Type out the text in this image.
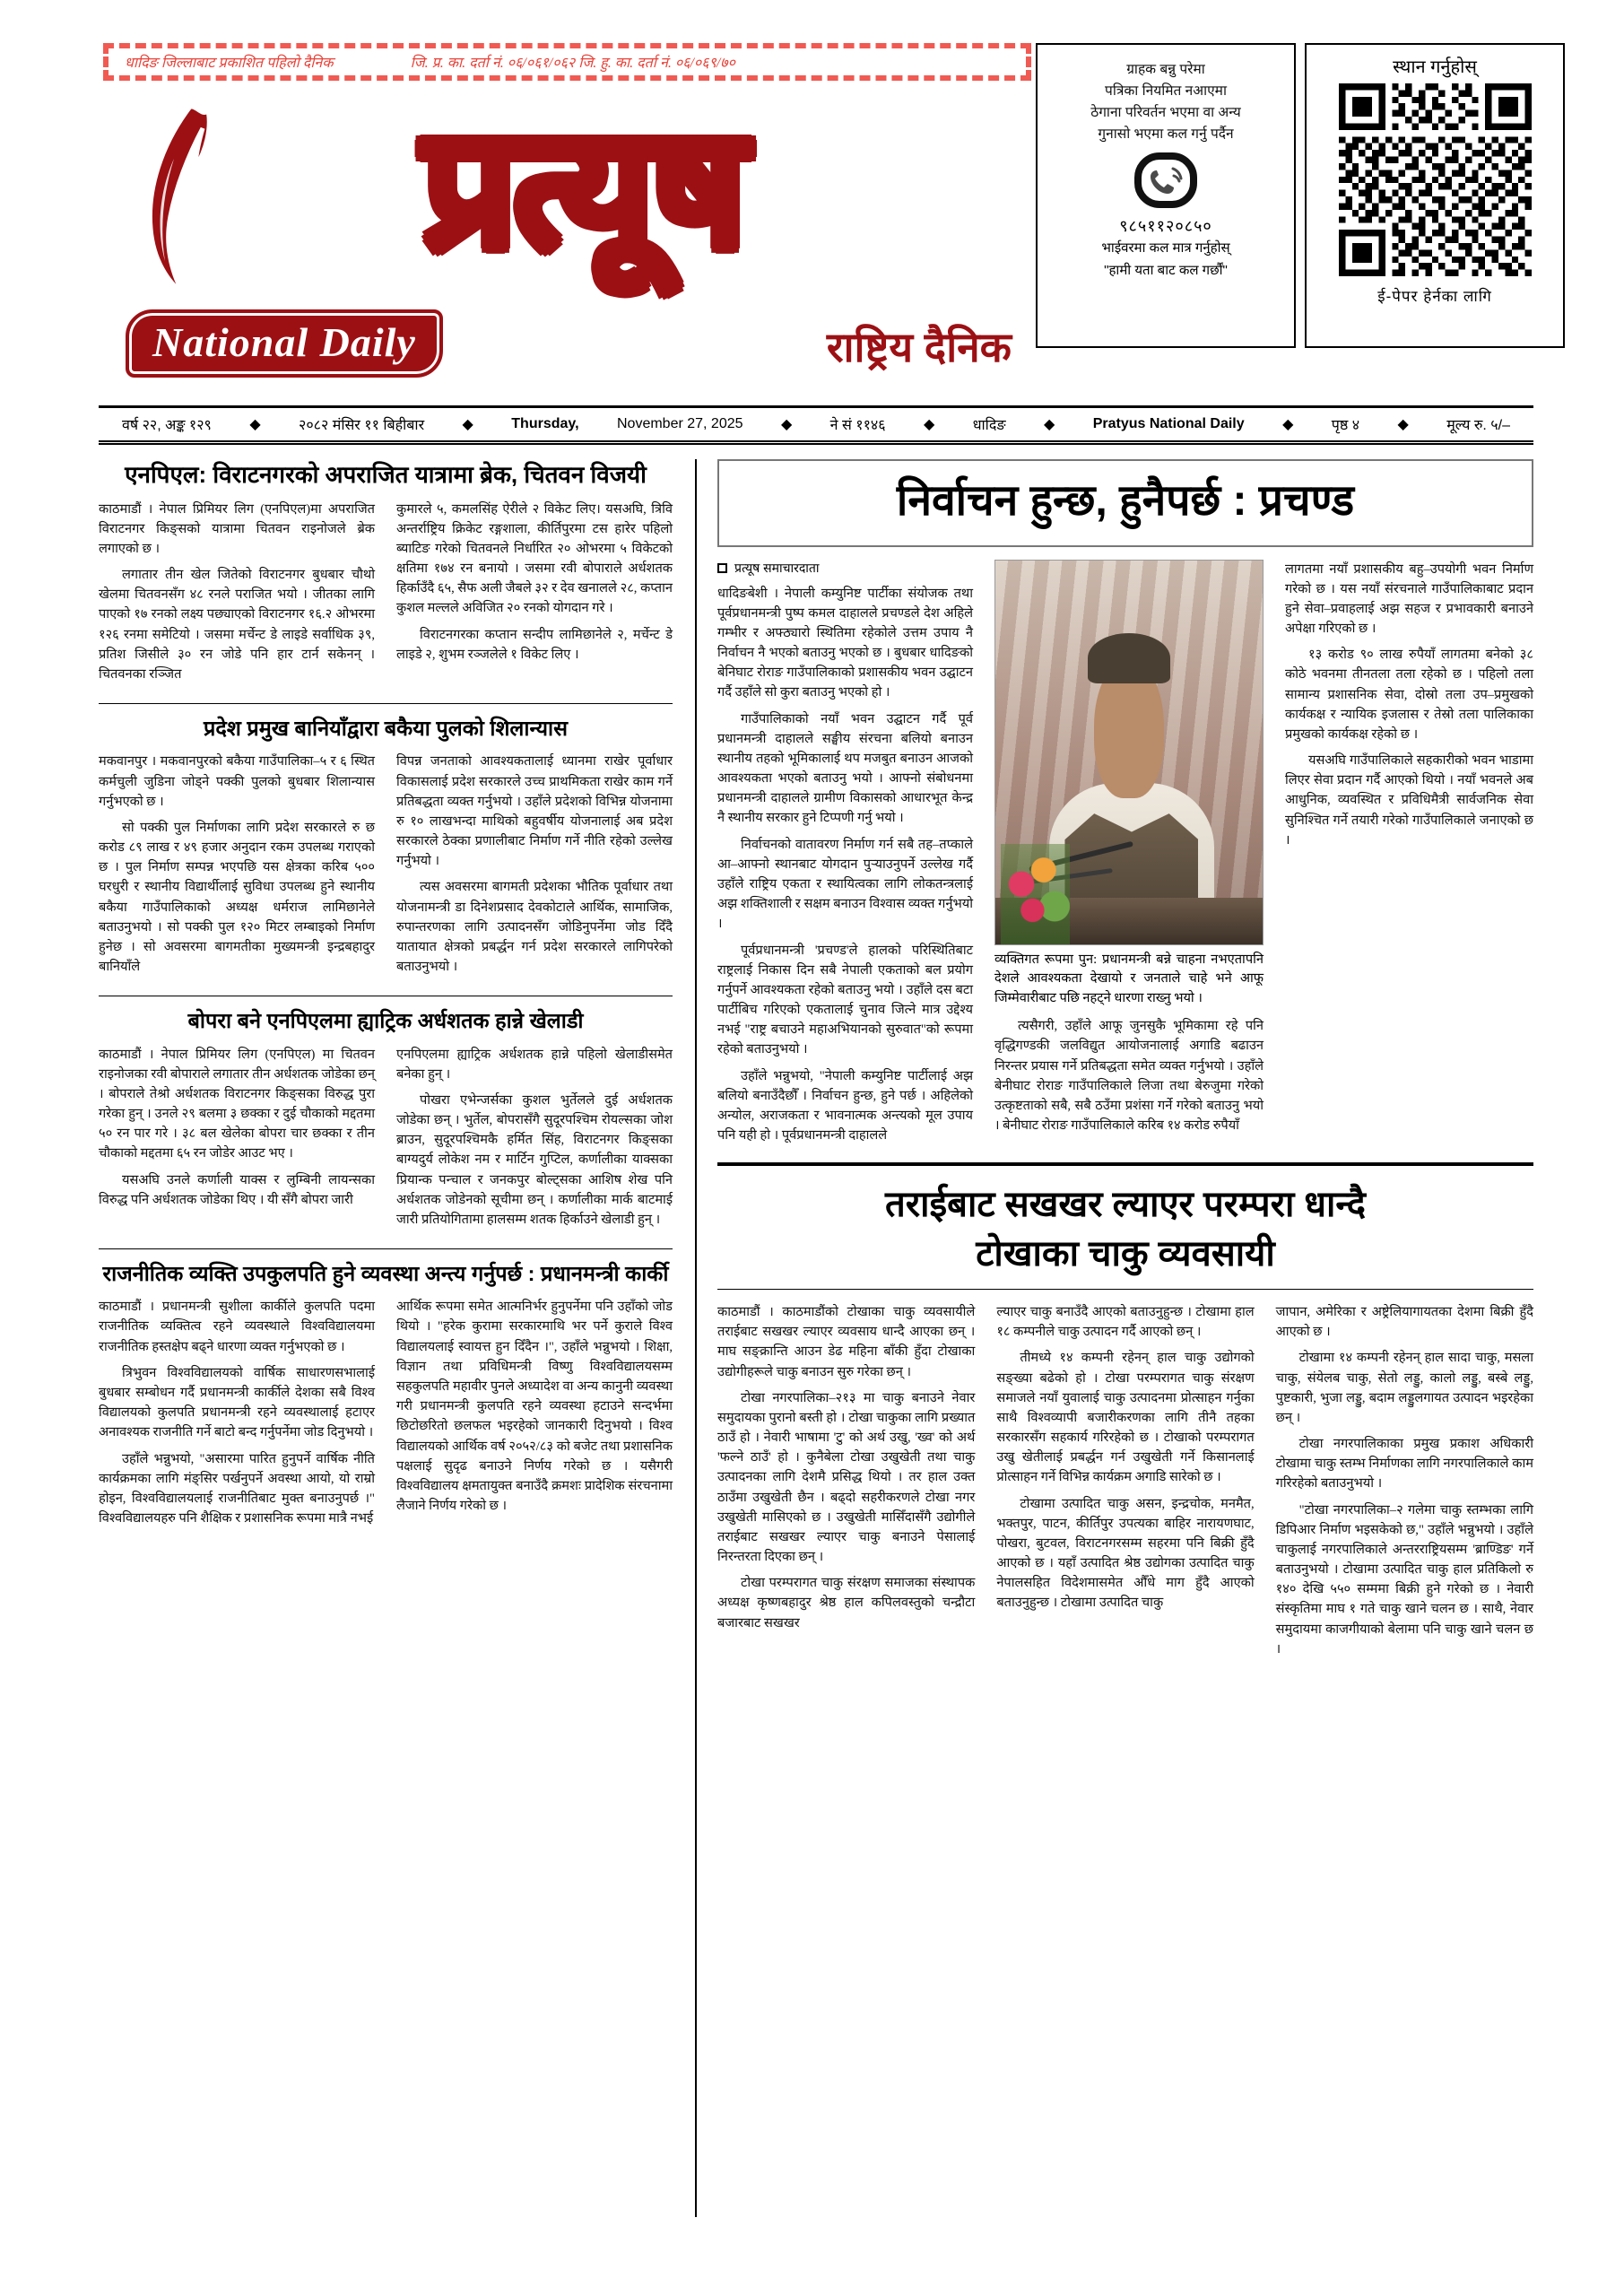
धादिङ जिल्लाबाट प्रकाशित पहिलो दैनिक	जि. प्र. का. दर्ता नं. ०६/०६१/०६२ जि. हु. का. दर्ता नं. ०६/०६९/७०
प्रत्यूष
National Daily	राष्ट्रिय दैनिक
ग्राहक बन्नु परेमा
पत्रिका नियमित नआएमा
ठेगाना परिवर्तन भएमा वा अन्य
गुनासो भएमा कल गर्नु पर्दैन
९८५११२०८५०
भाईवरमा कल मात्र गर्नुहोस्
"हामी यता बाट कल गर्छौं"
स्थान गर्नुहोस्
ई-पेपर हेर्नका लागि
वर्ष २२, अङ्क १२९	◆	२०८२ मंसिर ११ बिहीबार	◆	Thursday,	November 27, 2025	◆	ने सं ११४६	◆	धादिङ	◆	Pratyus National Daily	◆	पृष्ठ ४	◆	मूल्य रु. ५/–
एनपिएल: विराटनगरको अपराजित यात्रामा ब्रेक, चितवन विजयी

काठमाडौं । नेपाल प्रिमियर लिग (एनपिएल)मा अपराजित विराटनगर किङ्सको यात्रामा चितवन राइनोजले ब्रेक लगाएको छ ।

लगातार तीन खेल जितेको विराटनगर बुधबार चौथो खेलमा चितवनसँग ४८ रनले पराजित भयो । जीतका लागि पाएको १७ रनको लक्ष्य पछ्याएको विराटनगर १६.२ ओभरमा १२६ रनमा समेटियो । जसमा मर्चेन्ट डे लाइडे सर्वाधिक ३९, प्रतिश जिसीले ३० रन जोडे पनि हार टार्न सकेनन् । चितवनका रञ्जित

कुमारले ५, कमलसिंह ऐरीले २ विकेट लिए। यसअघि, त्रिवि अन्तर्राष्ट्रिय क्रिकेट रङ्गशाला, कीर्तिपुरमा टस हारेर पहिलो ब्याटिङ गरेको चितवनले निर्धारित २० ओभरमा ५ विकेटको क्षतिमा १७४ रन बनायो । जसमा रवी बोपाराले अर्धशतक हिर्काउँदै ६५, सैफ अली जैबले ३२ र देव खनालले २८, कप्तान कुशल मल्लले अविजित २० रनको योगदान गरे ।

विराटनगरका कप्तान सन्दीप लामिछानेले २, मर्चेन्ट डे लाइडे २, शुभम रञ्जलेले १ विकेट लिए ।

प्रदेश प्रमुख बानियाँद्वारा बकैया पुलको शिलान्यास

मकवानपुर । मकवानपुरको बकैया गाउँपालिका–५ र ६ स्थित कर्मचुली जुडिना जोड्ने पक्की पुलको बुधबार शिलान्यास गर्नुभएको छ ।

सो पक्की पुल निर्माणका लागि प्रदेश सरकारले रु छ करोड ८९ लाख र ४९ हजार अनुदान रकम उपलब्ध गराएको छ । पुल निर्माण सम्पन्न भएपछि यस क्षेत्रका करिब ५०० घरधुरी र स्थानीय विद्यार्थीलाई सुविधा उपलब्ध हुने स्थानीय बकैया गाउँपालिकाको अध्यक्ष धर्मराज लामिछानेले बताउनुभयो । सो पक्की पुल १२० मिटर लम्बाइको निर्माण हुनेछ । सो अवसरमा बागमतीका मुख्यमन्त्री इन्द्रबहादुर बानियाँले

विपन्न जनताको आवश्यकतालाई ध्यानमा राखेर पूर्वाधार विकासलाई प्रदेश सरकारले उच्च प्राथमिकता राखेर काम गर्ने प्रतिबद्धता व्यक्त गर्नुभयो । उहाँले प्रदेशको विभिन्न योजनामा रु १० लाखभन्दा माथिको बहुवर्षीय योजनालाई अब प्रदेश सरकारले ठेक्का प्रणालीबाट निर्माण गर्ने नीति रहेको उल्लेख गर्नुभयो ।

त्यस अवसरमा बागमती प्रदेशका भौतिक पूर्वाधार तथा योजनामन्त्री डा दिनेशप्रसाद देवकोटाले आर्थिक, सामाजिक, रुपान्तरणका लागि उत्पादनसँग जोडिनुपर्नेमा जोड दिँदै यातायात क्षेत्रको प्रबर्द्धन गर्न प्रदेश सरकारले लागिपरेको बताउनुभयो ।

बोपरा बने एनपिएलमा ह्याट्रिक अर्धशतक हान्ने खेलाडी

काठमाडौं । नेपाल प्रिमियर लिग (एनपिएल) मा चितवन राइनोजका रवी बोपाराले लगातार तीन अर्धशतक जोडेका छन् । बोपराले तेश्रो अर्धशतक विराटनगर किङ्सका विरुद्ध पुरा गरेका हुन् । उनले २९ बलमा ३ छक्का र दुई चौकाको मद्दतमा ५० रन पार गरे । ३८ बल खेलेका बोपरा चार छक्का र तीन चौकाको मद्दतमा ६५ रन जोडेर आउट भए ।

यसअघि उनले कर्णाली याक्स र लुम्बिनी लायन्सका विरुद्ध पनि अर्धशतक जोडेका थिए । यी सँगै बोपरा जारी

एनपिएलमा ह्याट्रिक अर्धशतक हान्ने पहिलो खेलाडीसमेत बनेका हुन् ।

पोखरा एभेन्जर्सका कुशल भुर्तेलले दुई अर्धशतक जोडेका छन् । भुर्तेल, बोपरासँगै सुदूरपश्चिम रोयल्सका जोश ब्राउन, सुदूरपश्चिमकै हर्मित सिंह, विराटनगर किङ्सका बाग्यदुर्य लोकेश नम र मार्टिन गुप्टिल, कर्णालीका याक्सका प्रियान्क पन्चाल र जनकपुर बोल्ट्सका आशिष शेख पनि अर्धशतक जोडेनको सूचीमा छन् । कर्णालीका मार्क बाटमाई जारी प्रतियोगितामा हालसम्म शतक हिर्काउने खेलाडी हुन् ।

राजनीतिक व्यक्ति उपकुलपति हुने व्यवस्था अन्त्य गर्नुपर्छ : प्रधानमन्त्री कार्की

काठमाडौं । प्रधानमन्त्री सुशीला कार्कीले कुलपति पदमा राजनीतिक व्यक्तित्व रहने व्यवस्थाले विश्वविद्यालयमा राजनीतिक हस्तक्षेप बढ्ने धारणा व्यक्त गर्नुभएको छ ।

त्रिभुवन विश्वविद्यालयको वार्षिक साधारणसभालाई बुधबार सम्बोधन गर्दै प्रधानमन्त्री कार्कीले देशका सबै विश्व विद्यालयको कुलपति प्रधानमन्त्री रहने व्यवस्थालाई हटाएर अनावश्यक राजनीति गर्ने बाटो बन्द गर्नुपर्नेमा जोड दिनुभयो ।

उहाँले भन्नुभयो, "असारमा पारित हुनुपर्ने वार्षिक नीति कार्यक्रमका लागि मंङ्सिर पर्खनुपर्ने अवस्था आयो, यो राम्रो होइन, विश्वविद्यालयलाई राजनीतिबाट मुक्त बनाउनुपर्छ ।" विश्वविद्यालयहरु पनि शैक्षिक र प्रशासनिक रूपमा मात्रै नभई

आर्थिक रूपमा समेत आत्मनिर्भर हुनुपर्नेमा पनि उहाँको जोड थियो । "हरेक कुरामा सरकारमाथि भर पर्ने कुराले विश्व विद्यालयलाई स्वायत्त हुन दिँदैन ।", उहाँले भन्नुभयो । शिक्षा, विज्ञान तथा प्रविधिमन्त्री विष्णु विश्वविद्यालयसम्म सहकुलपति महावीर पुनले अध्यादेश वा अन्य कानुनी व्यवस्था गरी प्रधानमन्त्री कुलपति रहने व्यवस्था हटाउने सन्दर्भमा छिटोछरितो छलफल भइरहेको जानकारी दिनुभयो । विश्व विद्यालयको आर्थिक वर्ष २०५२/८३ को बजेट तथा प्रशासनिक पक्षलाई सुदृढ बनाउने निर्णय गरेको छ । यसैगरी विश्वविद्यालय क्षमतायुक्त बनाउँदै क्रमशः प्रादेशिक संरचनामा लैजाने निर्णय गरेको छ ।

निर्वाचन हुन्छ, हुनैपर्छ : प्रचण्ड
प्रत्यूष समाचारदाता

धादिङबेशी । नेपाली कम्युनिष्ट पार्टीका संयोजक तथा पूर्वप्रधानमन्त्री पुष्प कमल दाहालले प्रचण्डले देश अहिले गम्भीर र अफ्ठ्यारो स्थितिमा रहेकोले उत्तम उपाय नै निर्वाचन नै भएको बताउनु भएको छ । बुधबार धादिङको बेनिघाट रोराङ गाउँपालिकाको प्रशासकीय भवन उद्घाटन गर्दै उहाँले सो कुरा बताउनु भएको हो ।

गाउँपालिकाको नयाँ भवन उद्घाटन गर्दै पूर्व प्रधानमन्त्री दाहालले सङ्घीय संरचना बलियो बनाउन स्थानीय तहको भूमिकालाई थप मजबुत बनाउन आजको आवश्यकता भएको बताउनु भयो । आफ्नो संबोधनमा प्रधानमन्त्री दाहालले ग्रामीण विकासको आधारभूत केन्द्र नै स्थानीय सरकार हुने टिप्पणी गर्नु भयो ।

निर्वाचनको वातावरण निर्माण गर्न सबै तह–तप्काले आ–आफ्नो स्थानबाट योगदान पुऱ्याउनुपर्ने उल्लेख गर्दै उहाँले राष्ट्रिय एकता र स्थायित्वका लागि लोकतन्त्रलाई अझ शक्तिशाली र सक्षम बनाउन विश्वास व्यक्त गर्नुभयो ।

पूर्वप्रधानमन्त्री 'प्रचण्ड'ले हालको परिस्थितिबाट राष्ट्रलाई निकास दिन सबै नेपाली एकताको बल प्रयोग गर्नुपर्ने आवश्यकता रहेको बताउनु भयो । उहाँले दस बटा पार्टीबिच गरिएको एकतालाई चुनाव जित्ने मात्र उद्देश्य नभई "राष्ट्र बचाउने महाअभियानको सुरुवात"को रूपमा रहेको बताउनुभयो ।

उहाँले भन्नुभयो, "नेपाली कम्युनिष्ट पार्टीलाई अझ बलियो बनाउँदैछौँ । निर्वाचन हुन्छ, हुने पर्छ । अहिलेको अन्योल, अराजकता र भावनात्मक अन्त्यको मूल उपाय पनि यही हो । पूर्वप्रधानमन्त्री दाहालले

व्यक्तिगत रूपमा पुन: प्रधानमन्त्री बन्ने चाहना नभएतापनि देशले आवश्यकता देखायो र जनताले चाहे भने आफू जिम्मेवारीबाट पछि नहट्ने धारणा राख्नु भयो ।

त्यसैगरी, उहाँले आफू जुनसुकै भूमिकामा रहे पनि वृद्धिगण्डकी जलविद्युत आयोजनालाई अगाडि बढाउन निरन्तर प्रयास गर्ने प्रतिबद्धता समेत व्यक्त गर्नुभयो । उहाँले बेनीघाट रोराङ गाउँपालिकाले लिजा तथा बेरुजुमा गरेको उत्कृष्टताको सबै, सबै ठउँमा प्रशंसा गर्ने गरेको बताउनु भयो । बेनीघाट रोराङ गाउँपालिकाले करिब १४ करोड रुपैयाँ

लागतमा नयाँ प्रशासकीय बहु–उपयोगी भवन निर्माण गरेको छ । यस नयाँ संरचनाले गाउँपालिकाबाट प्रदान हुने सेवा–प्रवाहलाई अझ सहज र प्रभावकारी बनाउने अपेक्षा गरिएको छ ।

१३ करोड ९० लाख रुपैयाँ लागतमा बनेको ३८ कोठे भवनमा तीनतला तला रहेको छ । पहिलो तला सामान्य प्रशासनिक सेवा, दोस्रो तला उप–प्रमुखको कार्यकक्ष र न्यायिक इजलास र तेस्रो तला पालिकाका प्रमुखको कार्यकक्ष रहेको छ ।

यसअघि गाउँपालिकाले सहकारीको भवन भाडामा लिएर सेवा प्रदान गर्दै आएको थियो । नयाँ भवनले अब आधुनिक, व्यवस्थित र प्रविधिमैत्री सार्वजनिक सेवा सुनिश्चित गर्ने तयारी गरेको गाउँपालिकाले जनाएको छ ।

तराईबाट सखखर ल्याएर परम्परा धान्दै
टोखाका चाकु व्यवसायी

काठमाडौं । काठमाडौंको टोखाका चाकु व्यवसायीले तराईबाट सखखर ल्याएर व्यवसाय धान्दै आएका छन् । माघ सङ्क्रान्ति आउन डेढ महिना बाँकी हुँदा टोखाका उद्योगीहरूले चाकु बनाउन सुरु गरेका छन् ।

टोखा नगरपालिका–२१३ मा चाकु बनाउने नेवार समुदायका पुरानो बस्ती हो । टोखा चाकुका लागि प्रख्यात ठाउँ हो । नेवारी भाषामा 'टु' को अर्थ उखु, 'ख्व' को अर्थ 'फल्ने ठाउँ' हो । कुनैबेला टोखा उखुखेती तथा चाकु उत्पादनका लागि देशमै प्रसिद्ध थियो । तर हाल उक्त ठाउँमा उखुखेती छैन । बढ्दो सहरीकरणले टोखा नगर उखुखेती मासिएको छ । उखुखेती मासिँदासँगै उद्योगीले तराईबाट सखखर ल्याएर चाकु बनाउने पेसालाई निरन्तरता दिएका छन् ।

टोखा परम्परागत चाकु संरक्षण समाजका संस्थापक अध्यक्ष कृष्णबहादुर श्रेष्ठ हाल कपिलवस्तुको चन्द्रौटा बजारबाट सखखर

ल्याएर चाकु बनाउँदै आएको बताउनुहुन्छ । टोखामा हाल १८ कम्पनीले चाकु उत्पादन गर्दै आएको छन् ।

तीमध्ये १४ कम्पनी रहेनन् हाल चाकु उद्योगको सङ्ख्या बढेको हो । टोखा परम्परागत चाकु संरक्षण समाजले नयाँ युवालाई चाकु उत्पादनमा प्रोत्साहन गर्नुका साथै विश्वव्यापी बजारीकरणका लागि तीनै तहका सरकारसँग सहकार्य गरिरहेको छ । टोखाको परम्परागत उखु खेतीलाई प्रबर्द्धन गर्न उखुखेती गर्ने किसानलाई प्रोत्साहन गर्ने विभिन्न कार्यक्रम अगाडि सारेको छ ।

टोखामा उत्पादित चाकु असन, इन्द्रचोक, मनमैत, भक्तपुर, पाटन, कीर्तिपुर उपत्यका बाहिर नारायणघाट, पोखरा, बुटवल, विराटनगरसम्म सहरमा पनि बिक्री हुँदै आएको छ । यहाँ उत्पादित श्रेष्ठ उद्योगका उत्पादित चाकु नेपालसहित विदेशमासमेत औँधे माग हुँदै आएको बताउनुहुन्छ । टोखामा उत्पादित चाकु

जापान, अमेरिका र अष्ट्रेलियागायतका देशमा बिक्री हुँदै आएको छ ।

टोखामा १४ कम्पनी रहेनन् हाल सादा चाकु, मसला चाकु, संयेलब चाकु, सेतो लड्डु, कालो लड्डु, बस्बे लड्डु, पुष्टकारी, भुजा लड्डु, बदाम लड्डुलगायत उत्पादन भइरहेका छन् ।

टोखा नगरपालिकाका प्रमुख प्रकाश अधिकारी टोखामा चाकु स्तम्भ निर्माणका लागि नगरपालिकाले काम गरिरहेको बताउनुभयो ।

"टोखा नगरपालिका–२ गलेमा चाकु स्तम्भका लागि डिपिआर निर्माण भइसकेको छ," उहाँले भन्नुभयो । उहाँले चाकुलाई नगरपालिकाले अन्तरराष्ट्रियसम्म 'ब्राण्डिङ' गर्ने बताउनुभयो । टोखामा उत्पादित चाकु हाल प्रतिकिलो रु १४० देखि ५५० सम्ममा बिक्री हुने गरेको छ । नेवारी संस्कृतिमा माघ १ गते चाकु खाने चलन छ । साथै, नेवार समुदायमा काजगीयाको बेलामा पनि चाकु खाने चलन छ ।
